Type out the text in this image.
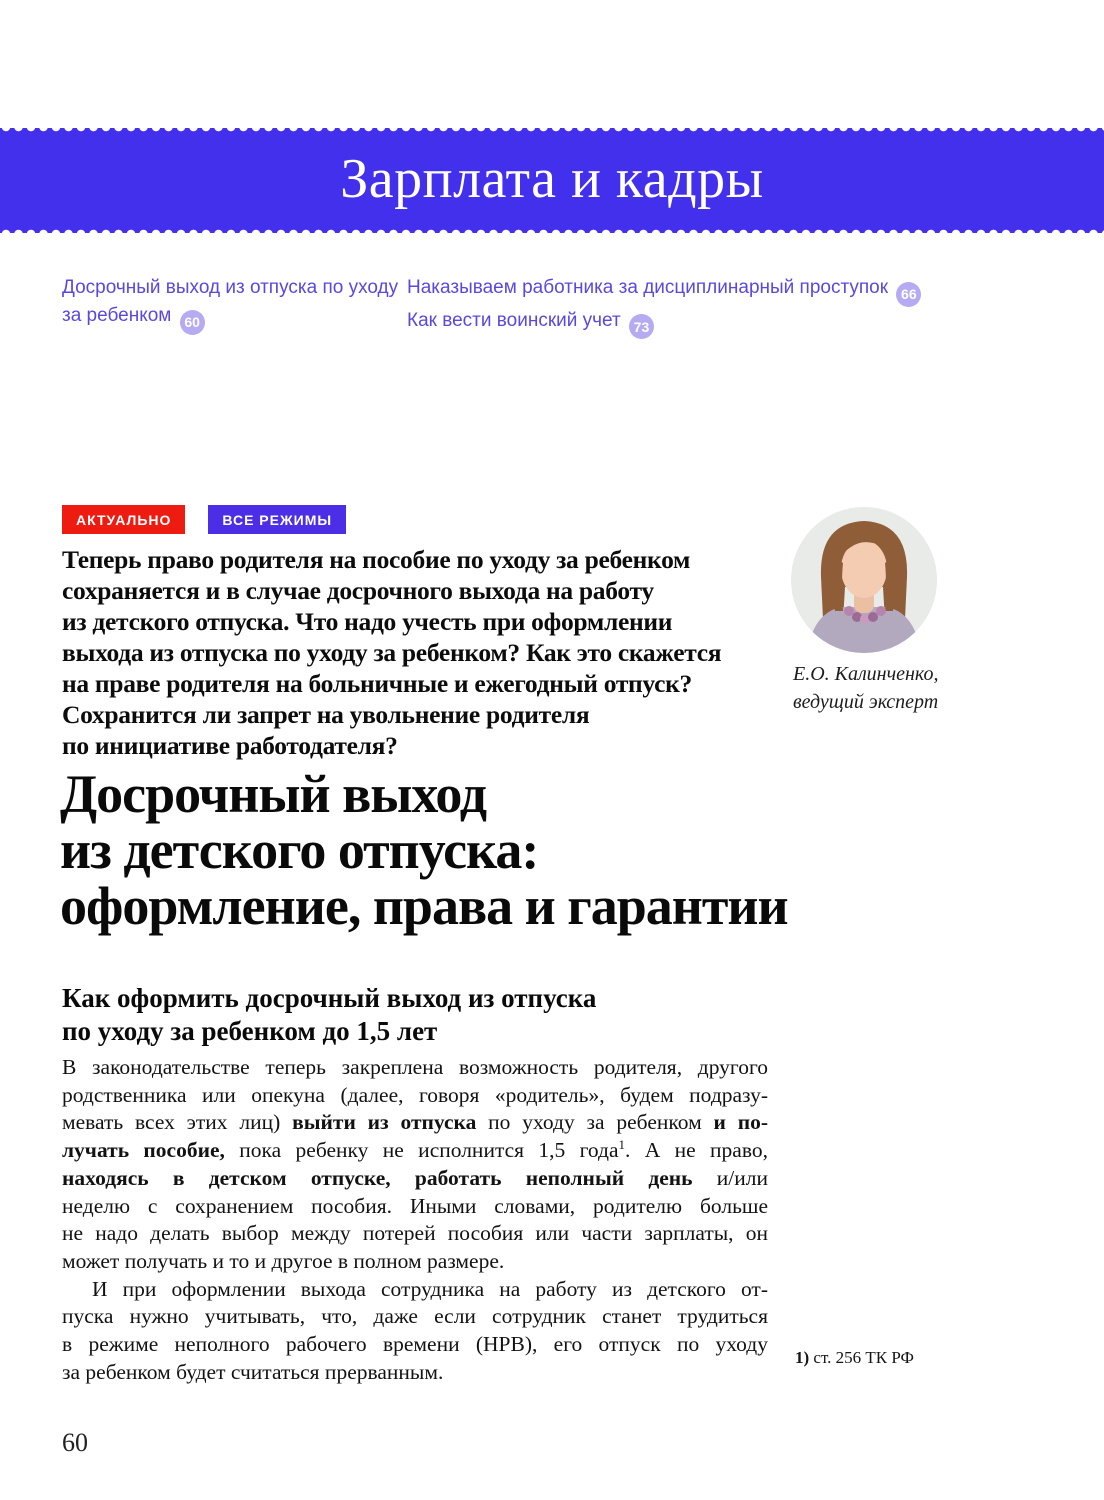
Зарплата и кадры
Досрочный выход из отпуска по уходу
за ребенком 60
Наказываем работника за дисциплинарный проступок 66
Как вести воинский учет 73
АКТУАЛЬНО	ВСЕ РЕЖИМЫ
Теперь право родителя на пособие по уходу за ребенком
сохраняется и в случае досрочного выхода на работу
из детского отпуска. Что надо учесть при оформлении
выхода из отпуска по уходу за ребенком? Как это скажется
на праве родителя на больничные и ежегодный отпуск?
Сохранится ли запрет на увольнение родителя
по инициативе работодателя?
Е.О. Калинченко,
ведущий эксперт
Досрочный выход
из детского отпуска:
оформление, права и гарантии
Как оформить досрочный выход из отпуска
по уходу за ребенком до 1,5 лет
В законодательстве теперь закреплена возможность родителя, другого
родственника или опекуна (далее, говоря «родитель», будем подразу-
мевать всех этих лиц) выйти из отпуска по уходу за ребенком и по-
лучать пособие, пока ребенку не исполнится 1,5 года$^1$. А не право,
находясь в детском отпуске, работать неполный день и/или
неделю с сохранением пособия. Иными словами, родителю больше
не надо делать выбор между потерей пособия или части зарплаты, он
может получать и то и другое в полном размере.
И при оформлении выхода сотрудника на работу из детского от-
пуска нужно учитывать, что, даже если сотрудник станет трудиться
в режиме неполного рабочего времени (НРВ), его отпуск по уходу
за ребенком будет считаться прерванным.
1) ст. 256 ТК РФ
60
